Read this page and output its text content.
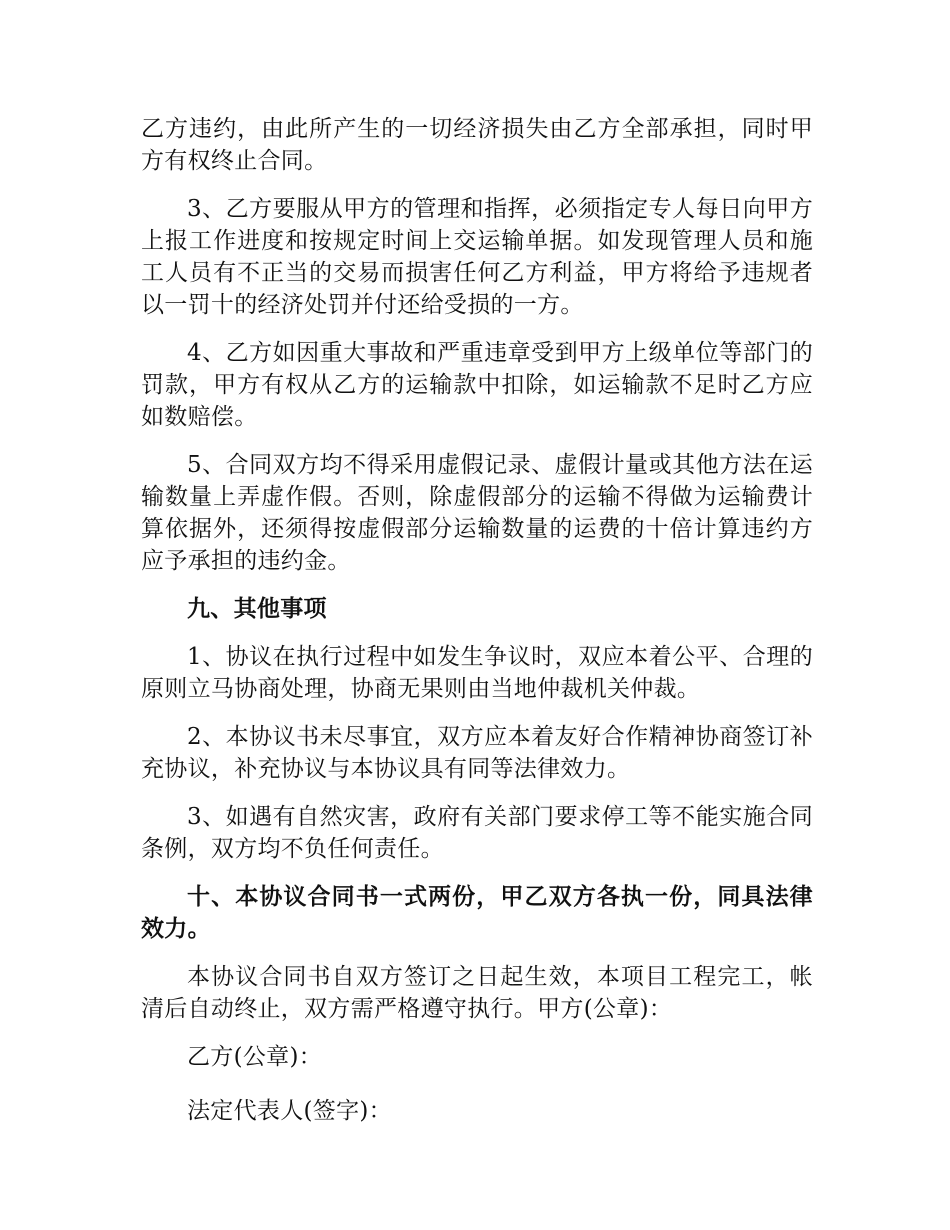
乙方违约，由此所产生的一切经济损失由乙方全部承担，同时甲方有权终止合同。

3、乙方要服从甲方的管理和指挥，必须指定专人每日向甲方上报工作进度和按规定时间上交运输单据。如发现管理人员和施工人员有不正当的交易而损害任何乙方利益，甲方将给予违规者以一罚十的经济处罚并付还给受损的一方。

4、乙方如因重大事故和严重违章受到甲方上级单位等部门的罚款，甲方有权从乙方的运输款中扣除，如运输款不足时乙方应如数赔偿。

5、合同双方均不得采用虚假记录、虚假计量或其他方法在运输数量上弄虚作假。否则，除虚假部分的运输不得做为运输费计算依据外，还须得按虚假部分运输数量的运费的十倍计算违约方应予承担的违约金。

九、其他事项

1、协议在执行过程中如发生争议时，双应本着公平、合理的原则立马协商处理，协商无果则由当地仲裁机关仲裁。

2、本协议书未尽事宜，双方应本着友好合作精神协商签订补充协议，补充协议与本协议具有同等法律效力。

3、如遇有自然灾害，政府有关部门要求停工等不能实施合同条例，双方均不负任何责任。

十、本协议合同书一式两份，甲乙双方各执一份，同具法律效力。

本协议合同书自双方签订之日起生效，本项目工程完工，帐清后自动终止，双方需严格遵守执行。甲方(公章)：

乙方(公章)：

法定代表人(签字)：
